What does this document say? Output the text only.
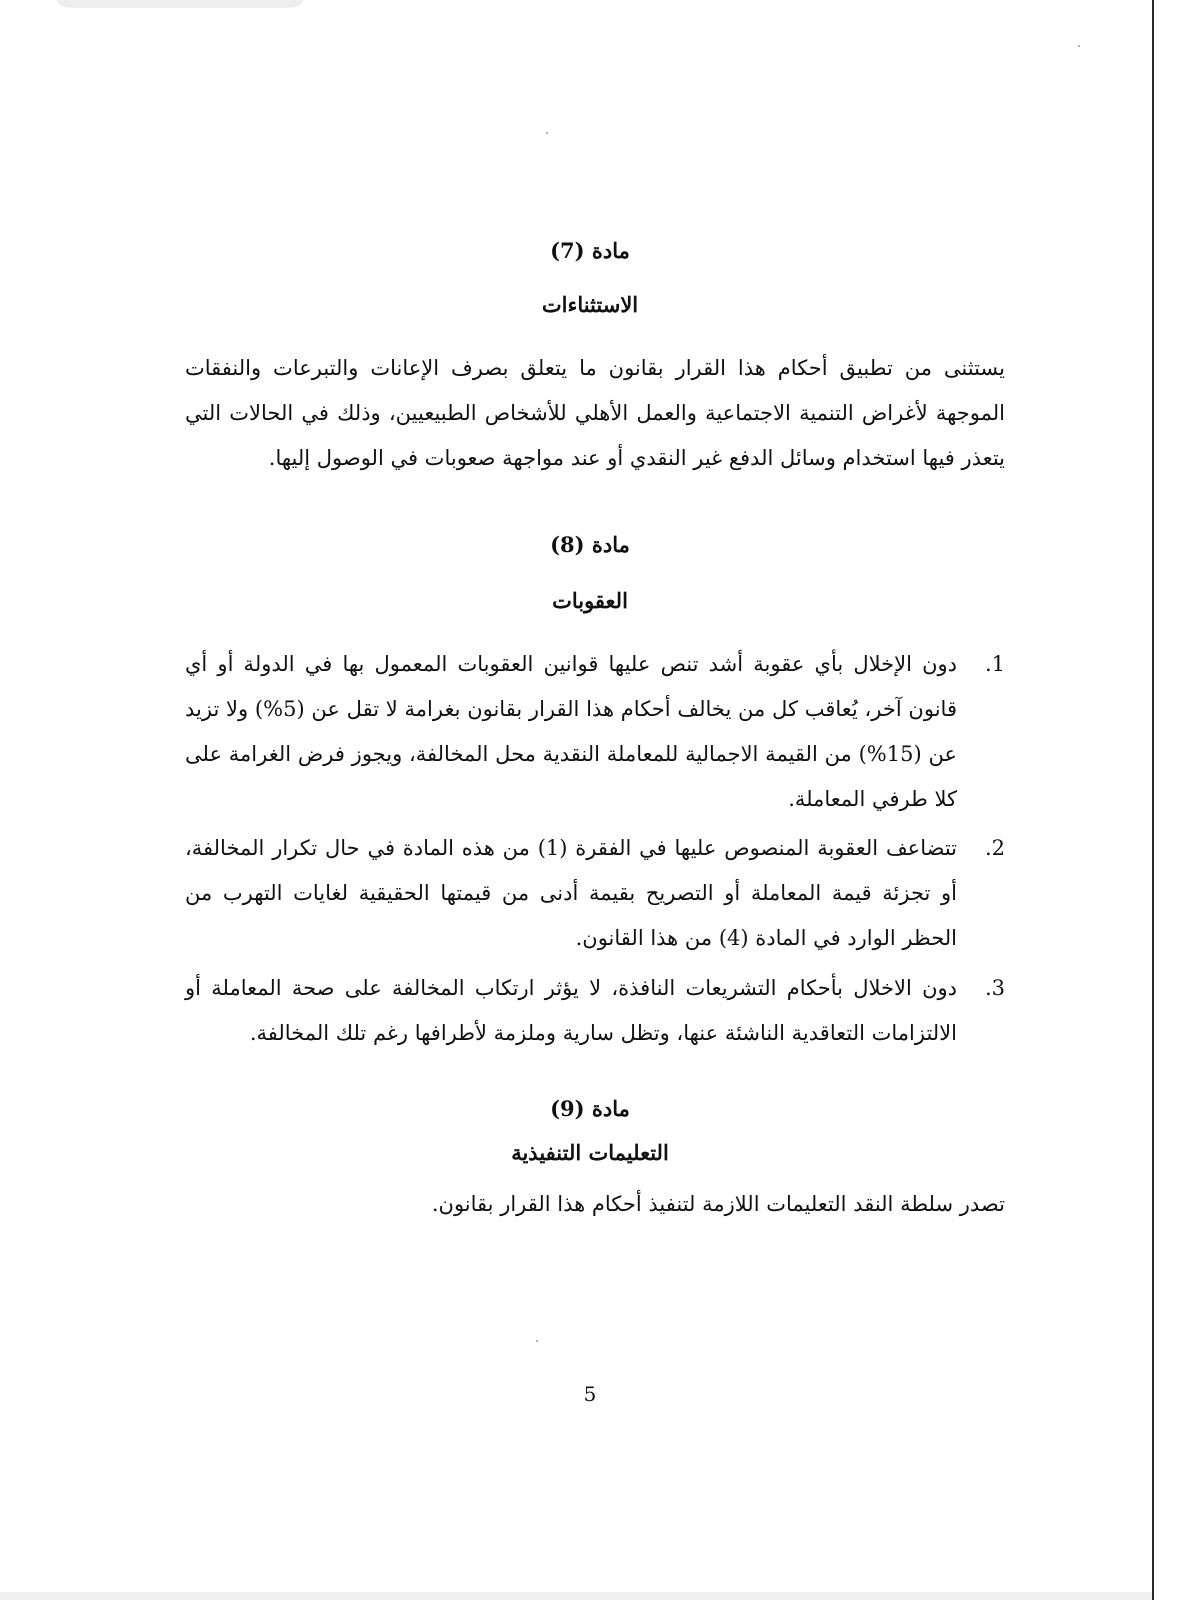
مادة (7)
الاستثناءات
يستثنى من تطبيق أحكام هذا القرار بقانون ما يتعلق بصرف الإعانات والتبرعات والنفقات الموجهة لأغراض التنمية الاجتماعية والعمل الأهلي للأشخاص الطبيعيين، وذلك في الحالات التي يتعذر فيها استخدام وسائل الدفع غير النقدي أو عند مواجهة صعوبات في الوصول إليها.
مادة (8)
العقوبات
1.
دون الإخلال بأي عقوبة أشد تنص عليها قوانين العقوبات المعمول بها في الدولة أو أي قانون آخر، يُعاقب كل من يخالف أحكام هذا القرار بقانون بغرامة لا تقل عن (5%) ولا تزيد عن (15%) من القيمة الاجمالية للمعاملة النقدية محل المخالفة، ويجوز فرض الغرامة على كلا طرفي المعاملة.
2.
تتضاعف العقوبة المنصوص عليها في الفقرة (1) من هذه المادة في حال تكرار المخالفة، أو تجزئة قيمة المعاملة أو التصريح بقيمة أدنى من قيمتها الحقيقية لغايات التهرب من الحظر الوارد في المادة (4) من هذا القانون.
3.
دون الاخلال بأحكام التشريعات النافذة، لا يؤثر ارتكاب المخالفة على صحة المعاملة أو الالتزامات التعاقدية الناشئة عنها، وتظل سارية وملزمة لأطرافها رغم تلك المخالفة.
مادة (9)
التعليمات التنفيذية
تصدر سلطة النقد التعليمات اللازمة لتنفيذ أحكام هذا القرار بقانون.
5
